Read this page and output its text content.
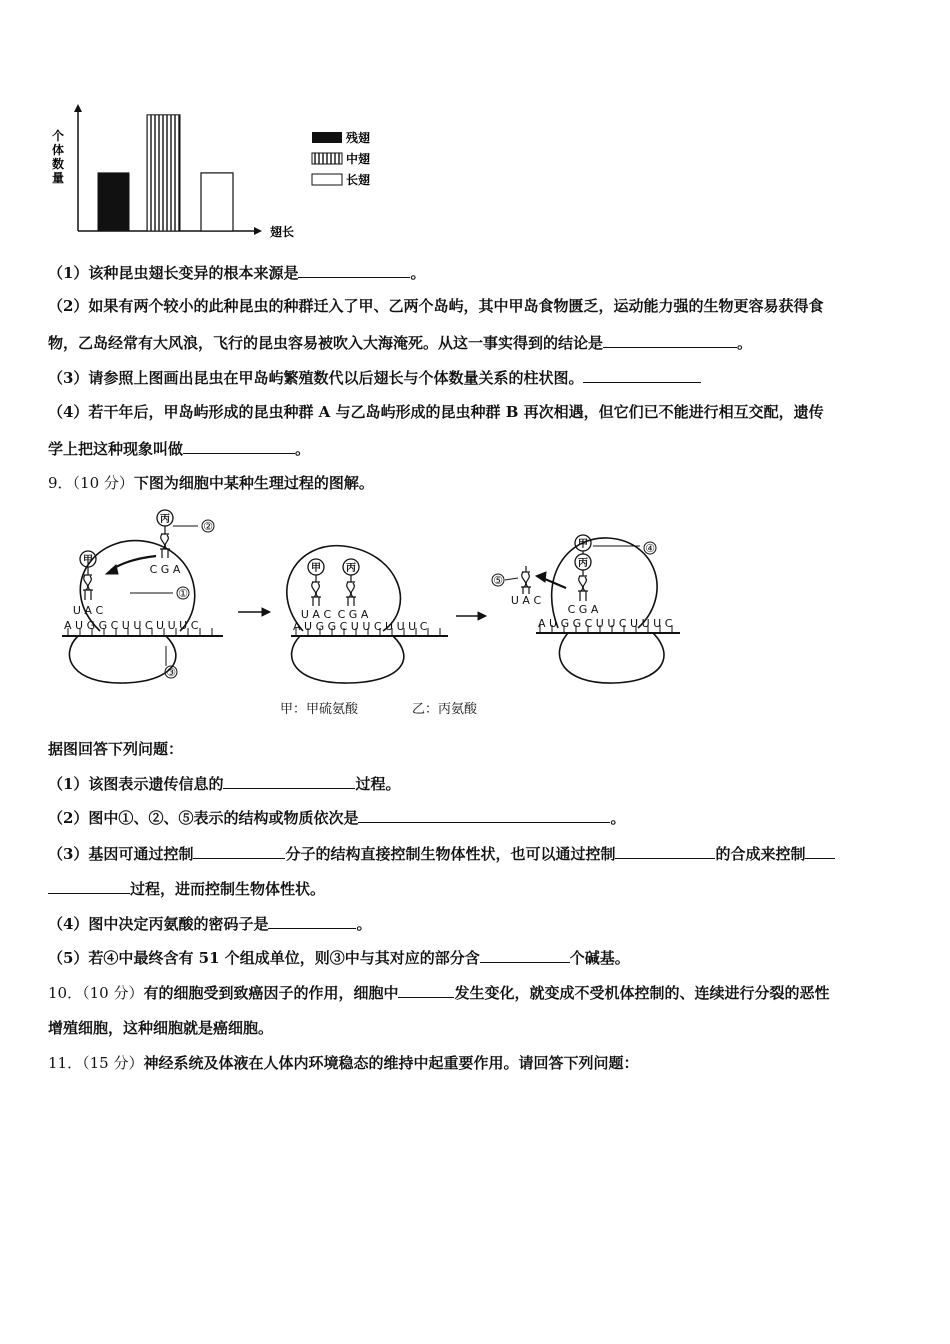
个
体
数
量
翅长
残翅
中翅
长翅
（1）该种昆虫翅长变异的根本来源是	。
（2）如果有两个较小的此种昆虫的种群迁入了甲、乙两个岛屿，其中甲岛食物匮乏，运动能力强的生物更容易获得食
物，乙岛经常有大风浪，飞行的昆虫容易被吹入大海淹死。从这一事实得到的结论是	。
（3）请参照上图画出昆虫在甲岛屿繁殖数代以后翅长与个体数量关系的柱状图。
（4）若干年后，甲岛屿形成的昆虫种群 A 与乙岛屿形成的昆虫种群 B 再次相遇，但它们已不能进行相互交配，遗传
学上把这种现象叫做	。
9．（10 分）下图为细胞中某种生理过程的图解。
甲
丙
C G A
U A C
A U G G C U U C U U U C
②
①
③
甲	丙
U A C C G A
A U G G C U U C U U U C
甲
丙
④
⑤
U A C
C G A
A U G G C U U C U U U C
甲：甲硫氨酸	乙：丙氨酸
据图回答下列问题：
（1）该图表示遗传信息的	过程。
（2）图中①、②、⑤表示的结构或物质依次是	。
（3）基因可通过控制	分子的结构直接控制生物体性状，也可以通过控制	的合成来控制
过程，进而控制生物体性状。
（4）图中决定丙氨酸的密码子是	。
（5）若④中最终含有 51 个组成单位，则③中与其对应的部分含	个碱基。
10．（10 分）有的细胞受到致癌因子的作用，细胞中	发生变化，就变成不受机体控制的、连续进行分裂的恶性
增殖细胞，这种细胞就是癌细胞。
11．（15 分）神经系统及体液在人体内环境稳态的维持中起重要作用。请回答下列问题：
